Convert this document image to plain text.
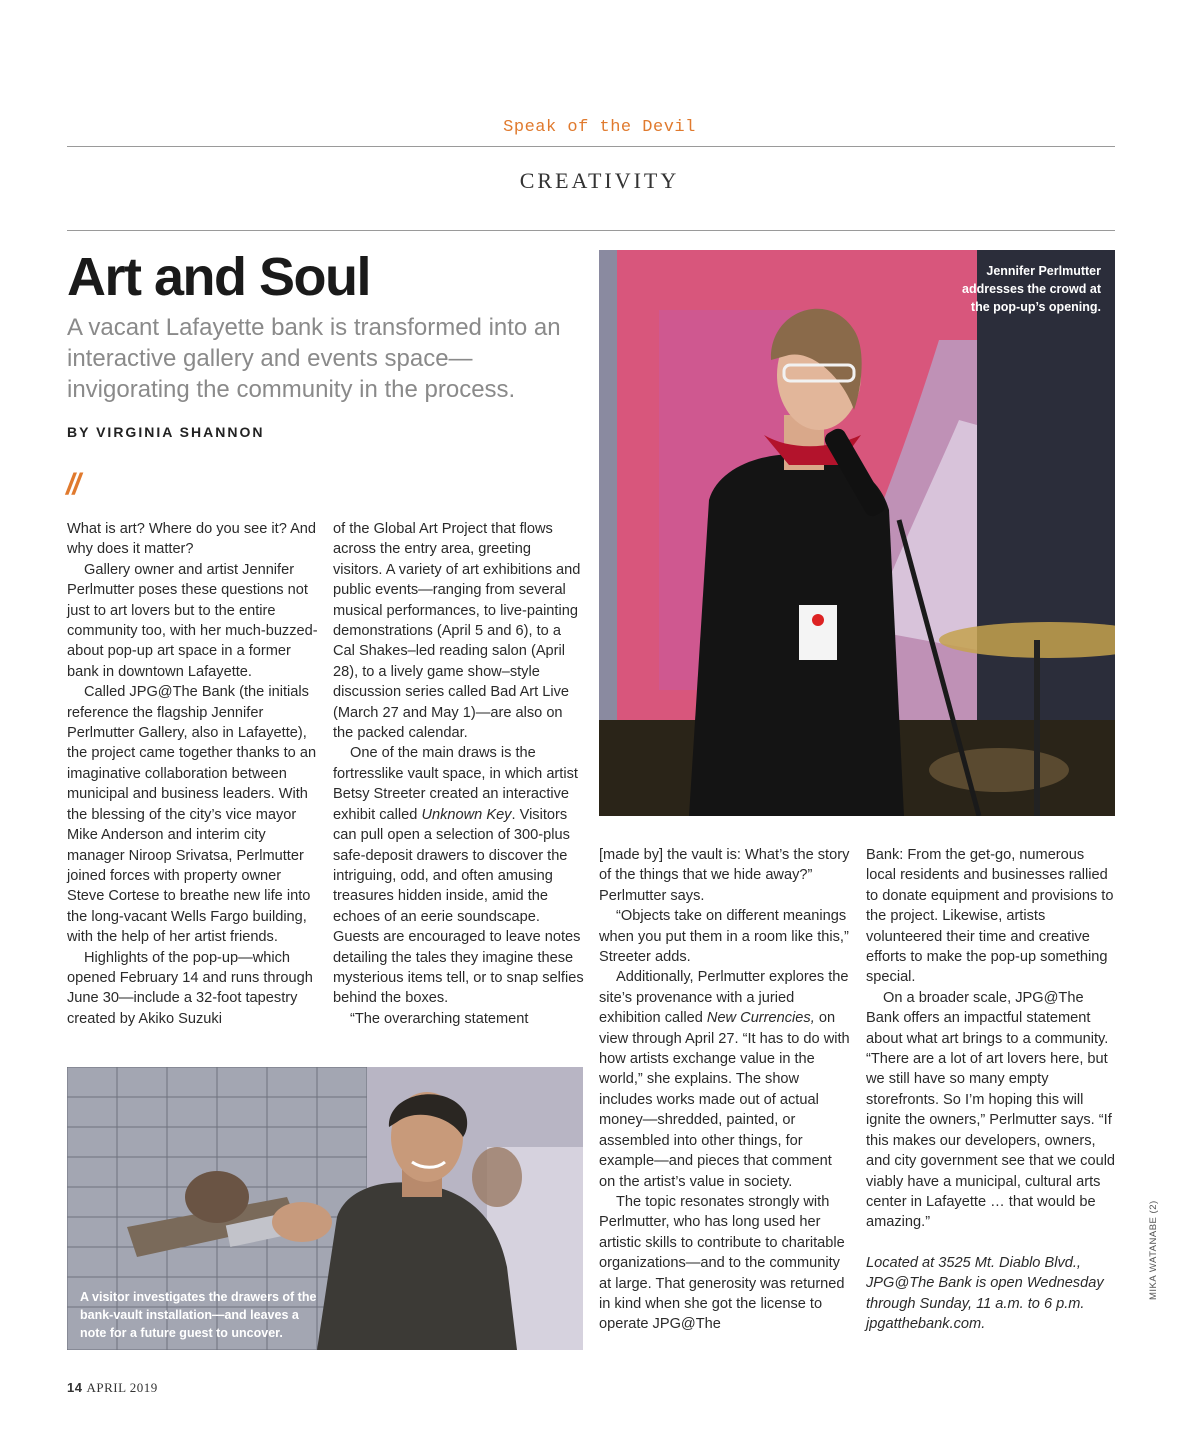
Speak of the Devil
CREATIVITY
Art and Soul

A vacant Lafayette bank is transformed into an interactive gallery and events space—invigorating the community in the process.

BY VIRGINIA SHANNON
//
Jennifer Perlmutter addresses the crowd at the pop-up’s opening.

What is art? Where do you see it? And why does it matter?

Gallery owner and artist Jennifer Perlmutter poses these questions not just to art lovers but to the entire community too, with her much-buzzed-about pop-up art space in a former bank in downtown Lafayette.

Called JPG@The Bank (the initials reference the flagship Jennifer Perlmutter Gallery, also in Lafayette), the project came together thanks to an imaginative collaboration between municipal and business leaders. With the blessing of the city’s vice mayor Mike Anderson and interim city manager Niroop Srivatsa, Perlmutter joined forces with property owner Steve Cortese to breathe new life into the long-vacant Wells Fargo building, with the help of her artist friends.

Highlights of the pop-up—which opened February 14 and runs through June 30—include a 32-foot tapestry created by Akiko Suzuki

of the Global Art Project that flows across the entry area, greeting visitors. A variety of art exhibitions and public events—ranging from several musical performances, to live-painting demonstrations (April 5 and 6), to a Cal Shakes–led reading salon (April 28), to a lively game show–style discussion series called Bad Art Live (March 27 and May 1)—are also on the packed calendar.

One of the main draws is the fortresslike vault space, in which artist Betsy Streeter created an interactive exhibit called Unknown Key. Visitors can pull open a selection of 300-plus safe-deposit drawers to discover the intriguing, odd, and often amusing treasures hidden inside, amid the echoes of an eerie soundscape. Guests are encouraged to leave notes detailing the tales they imagine these mysterious items tell, or to snap selfies behind the boxes.

“The overarching statement

A visitor investigates the drawers of the bank-vault installation—and leaves a note for a future guest to uncover.

[made by] the vault is: What’s the story of the things that we hide away?” Perlmutter says.

“Objects take on different meanings when you put them in a room like this,” Streeter adds.

Additionally, Perlmutter explores the site’s provenance with a juried exhibition called New Currencies, on view through April 27. “It has to do with how artists exchange value in the world,” she explains. The show includes works made out of actual money—shredded, painted, or assembled into other things, for example—and pieces that comment on the artist’s value in society.

The topic resonates strongly with Perlmutter, who has long used her artistic skills to contribute to charitable organizations—and to the community at large. That generosity was returned in kind when she got the license to operate JPG@The

Bank: From the get-go, numerous local residents and businesses rallied to donate equipment and provisions to the project. Likewise, artists volunteered their time and creative efforts to make the pop-up something special.

On a broader scale, JPG@The Bank offers an impactful statement about what art brings to a community. “There are a lot of art lovers here, but we still have so many empty storefronts. So I’m hoping this will ignite the owners,” Perlmutter says. “If this makes our developers, owners, and city government see that we could viably have a municipal, cultural arts center in Lafayette … that would be amazing.”

Located at 3525 Mt. Diablo Blvd., JPG@The Bank is open Wednesday through Sunday, 11 a.m. to 6 p.m. jpgatthebank.com.

MIKA WATANABE (2)
14 APRIL 2019
